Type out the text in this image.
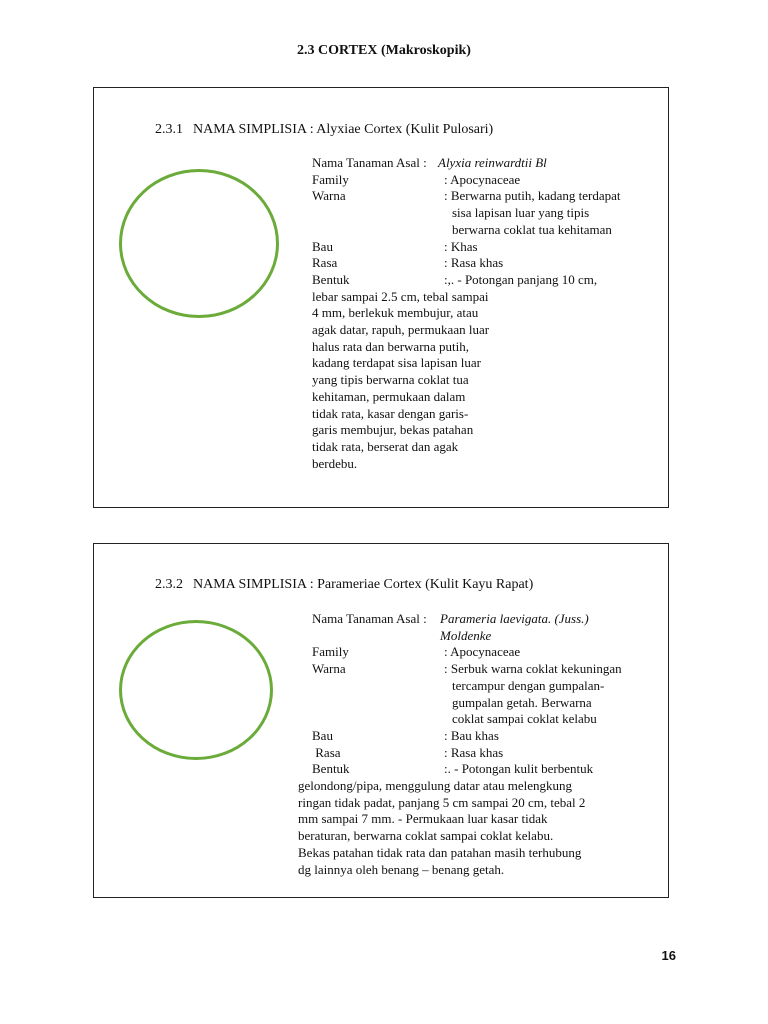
2.3 CORTEX (Makroskopik)
2.3.1 NAMA SIMPLISIA : Alyxiae Cortex (Kulit Pulosari)
Nama Tanaman Asal : Alyxia reinwardtii Bl
Family	: Apocynaceae
Warna	: Berwarna putih, kadang terdapat
sisa lapisan luar yang tipis
berwarna coklat tua kehitaman
Bau	: Khas
Rasa	: Rasa khas
Bentuk	:,. - Potongan panjang 10 cm,
lebar sampai 2.5 cm, tebal sampai
4 mm, berlekuk membujur, atau
agak datar, rapuh, permukaan luar
halus rata dan berwarna putih,
kadang terdapat sisa lapisan luar
yang tipis berwarna coklat tua
kehitaman, permukaan dalam
tidak rata, kasar dengan garis-
garis membujur, bekas patahan
tidak rata, berserat dan agak
berdebu.
2.3.2 NAMA SIMPLISIA : Parameriae Cortex (Kulit Kayu Rapat)
Nama Tanaman Asal :	Parameria laevigata. (Juss.)
Moldenke
Family	: Apocynaceae
Warna	: Serbuk warna coklat kekuningan
tercampur dengan gumpalan-
gumpalan getah. Berwarna
coklat sampai coklat kelabu
Bau	: Bau khas
Rasa	: Rasa khas
Bentuk	:. - Potongan kulit berbentuk
gelondong/pipa, menggulung datar atau melengkung
ringan tidak padat, panjang 5 cm sampai 20 cm, tebal 2
mm sampai 7 mm. - Permukaan luar kasar tidak
beraturan, berwarna coklat sampai coklat kelabu.
Bekas patahan tidak rata dan patahan masih terhubung
dg lainnya oleh benang – benang getah.
16
